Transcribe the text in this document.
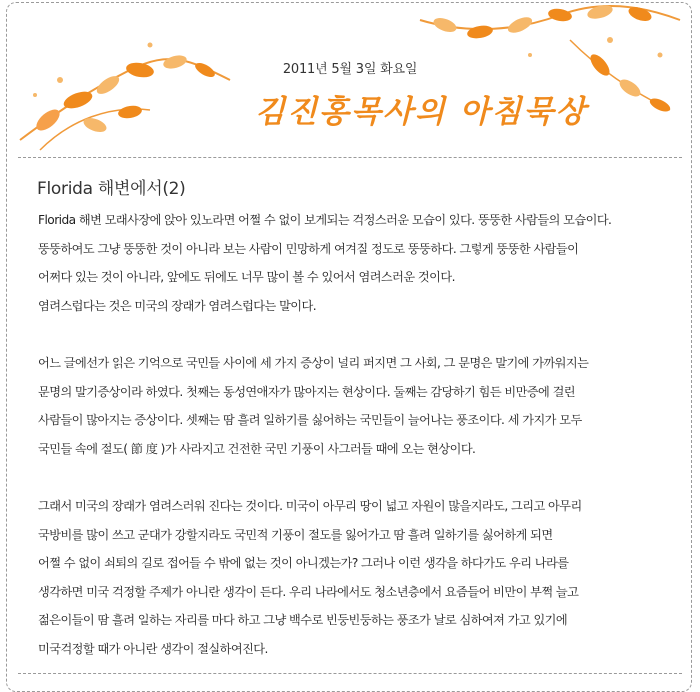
2011년 5월 3일 화요일
김진홍목사의 아침묵상
Florida 해변에서(2)
Florida 해변 모래사장에 앉아 있노라면 어쩔 수 없이 보게되는 걱정스러운 모습이 있다. 뚱뚱한 사람들의 모습이다.
뚱뚱하여도 그냥 뚱뚱한 것이 아니라 보는 사람이 민망하게 여겨질 정도로 뚱뚱하다. 그렇게 뚱뚱한 사람들이
어쩌다 있는 것이 아니라, 앞에도 뒤에도 너무 많이 볼 수 있어서 염려스러운 것이다.
염려스럽다는 것은 미국의 장래가 염려스럽다는 말이다.
어느 글에선가 읽은 기억으로 국민들 사이에 세 가지 증상이 널리 퍼지면 그 사회, 그 문명은 말기에 가까워지는
문명의 말기증상이라 하였다. 첫째는 동성연애자가 많아지는 현상이다. 둘째는 감당하기 힘든 비만증에 걸린
사람들이 많아지는 증상이다. 셋째는 땀 흘려 일하기를 싫어하는 국민들이 늘어나는 풍조이다. 세 가지가 모두
국민들 속에 절도( 節 度 )가 사라지고 건전한 국민 기풍이 사그러들 때에 오는 현상이다.
그래서 미국의 장래가 염려스러워 진다는 것이다. 미국이 아무리 땅이 넓고 자원이 많을지라도, 그리고 아무리
국방비를 많이 쓰고 군대가 강할지라도 국민적 기풍이 절도를 잃어가고 땀 흘려 일하기를 싫어하게 되면
어쩔 수 없이 쇠퇴의 길로 접어들 수 밖에 없는 것이 아니겠는가? 그러나 이런 생각을 하다가도 우리 나라를
생각하면 미국 걱정할 주제가 아니란 생각이 든다. 우리 나라에서도 청소년층에서 요즘들어 비만이 부쩍 늘고
젊은이들이 땀 흘려 일하는 자리를 마다 하고 그냥 백수로 빈둥빈둥하는 풍조가 날로 심하여져 가고 있기에
미국걱정할 때가 아니란 생각이 절실하여진다.
